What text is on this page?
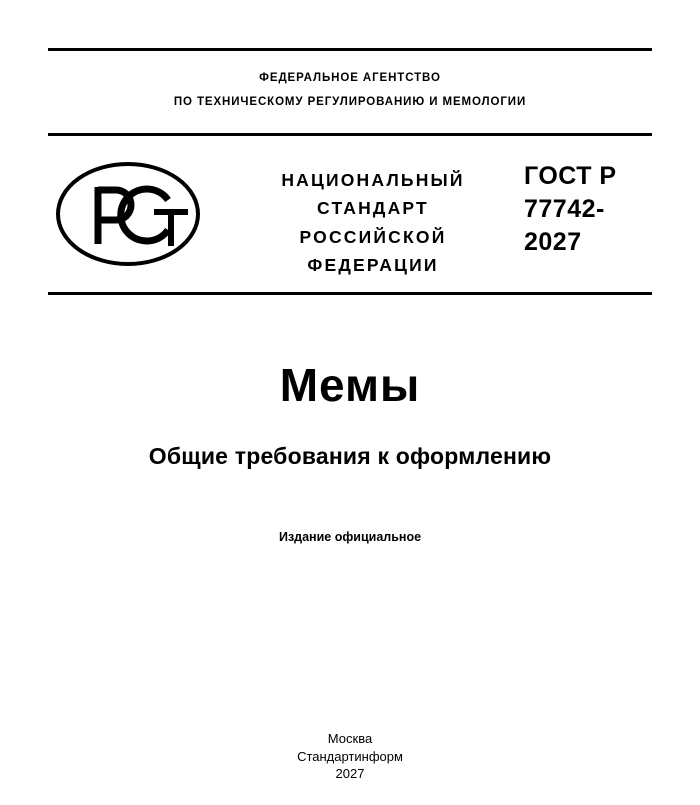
ФЕДЕРАЛЬНОЕ АГЕНТСТВО
ПО ТЕХНИЧЕСКОМУ РЕГУЛИРОВАНИЮ И МЕМОЛОГИИ
НАЦИОНАЛЬНЫЙ
СТАНДАРТ
РОССИЙСКОЙ
ФЕДЕРАЦИИ
ГОСТ Р
77742-
2027
Мемы
Общие требования к оформлению
Издание официальное
Москва
Стандартинформ
2027
